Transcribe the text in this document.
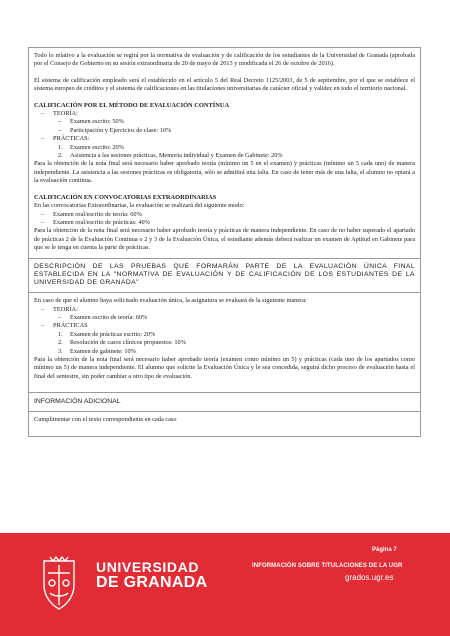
Todo lo relativo a la evaluación se regirá por la normativa de evaluación y de calificación de los estudiantes de la Universidad de Granada (aprobada por el Consejo de Gobierno en su sesión extraordinaria de 20 de mayo de 2013 y modificada el 26 de octubre de 2016).

El sistema de calificación empleado será el establecido en el artículo 5 del Real Decreto 1125/2003, de 5 de septiembre, por el que se establece el sistema europeo de créditos y el sistema de calificaciones en las titulaciones universitarias de carácter oficial y validez en todo el territorio nacional.

CALIFICACIÓN POR EL MÉTODO DE EVALUACIÓN CONTÍNUA

– TEORÍA:
– Examen escrito: 50%
– Participación y Ejercicios de clase: 10%
– PRÁCTICAS:
1. Examen escrito: 20%
2. Asistencia a las sesiones prácticas, Memoria individual y Examen de Gabinete: 20%

Para la obtención de la nota final será necesario haber aprobado teoría (mínimo un 5 en el examen) y prácticas (mínimo un 5 cada uno) de manera independiente. La asistencia a las sesiones prácticas es obligatoria, sólo se admitirá una falta. En caso de tener más de una falta, el alumno no optará a la evaluación continua.

CALIFICACIÓN EN CONVOCATORIAS EXTRAORDINARIAS

En las convocatorias Extraordinarias, la evaluación se realizará del siguiente modo:

– Examen oral/escrito de teoría: 60%
– Examen oral/escrito de prácticas: 40%

Para la obtención de la nota final será necesario haber aprobado teoría y prácticas de manera independiente. En caso de no haber superado el apartado de prácticas 2 de la Evaluación Continua o 2 y 3 de la Evaluación Única, el estudiante además deberá realizar un examen de Aptitud en Gabinete para que se le tenga en cuenta la parte de prácticas.

DESCRIPCIÓN DE LAS PRUEBAS QUE FORMARÁN PARTE DE LA EVALUACIÓN ÚNICA FINAL ESTABLECIDA EN LA "NORMATIVA DE EVALUACIÓN Y DE CALIFICACIÓN DE LOS ESTUDIANTES DE LA UNIVERSIDAD DE GRANADA"

En caso de que el alumno haya solicitado evaluación única, la asignatura se evaluará de la siguiente manera:

– TEORÍA:
– Examen escrito de teoría: 60%
– PRÁCTICAS
1. Examen de prácticas escrito: 20%
2. Resolución de casos clínicos propuestos: 10%
3. Examen de gabinete: 10%

Para la obtención de la nota final será necesario haber aprobado teoría (examen como mínimo un 5) y prácticas (cada uno de los apartados como mínimo un 5) de manera independiente. El alumno que solicite la Evaluación Única y le sea concedida, seguirá dicho proceso de evaluación hasta el final del semestre, sin poder cambiar a otro tipo de evaluación.

INFORMACIÓN ADICIONAL

Cumplimentar con el texto correspondiente en cada caso

UNIVERSIDAD
DE GRANADA
Página 7
INFORMACIÓN SOBRE TITULACIONES DE LA UGR
grados.ugr.es
